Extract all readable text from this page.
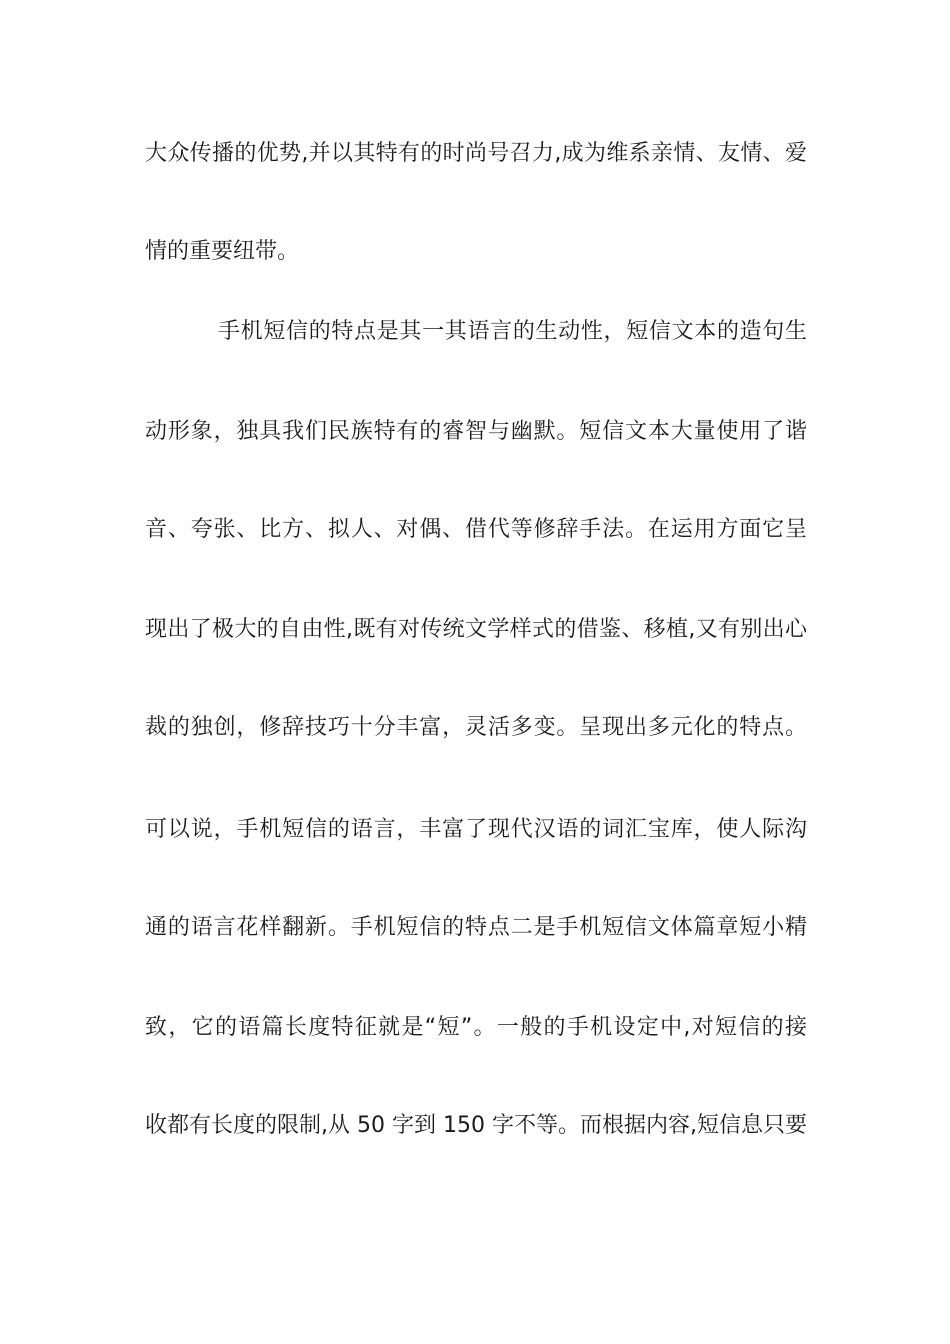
大众传播的优势,并以其特有的时尚号召力,成为维系亲情、友情、爱
情的重要纽带。
手机短信的特点是其一其语言的生动性，短信文本的造句生
动形象，独具我们民族特有的睿智与幽默。短信文本大量使用了谐
音、夸张、比方、拟人、对偶、借代等修辞手法。在运用方面它呈
现出了极大的自由性,既有对传统文学样式的借鉴、移植,又有别出心
裁的独创，修辞技巧十分丰富，灵活多变。呈现出多元化的特点。
可以说，手机短信的语言，丰富了现代汉语的词汇宝库，使人际沟
通的语言花样翻新。手机短信的特点二是手机短信文体篇章短小精
致，它的语篇长度特征就是“短”。一般的手机设定中,对短信的接
收都有长度的限制,从 50 字到 150 字不等。而根据内容,短信息只要
